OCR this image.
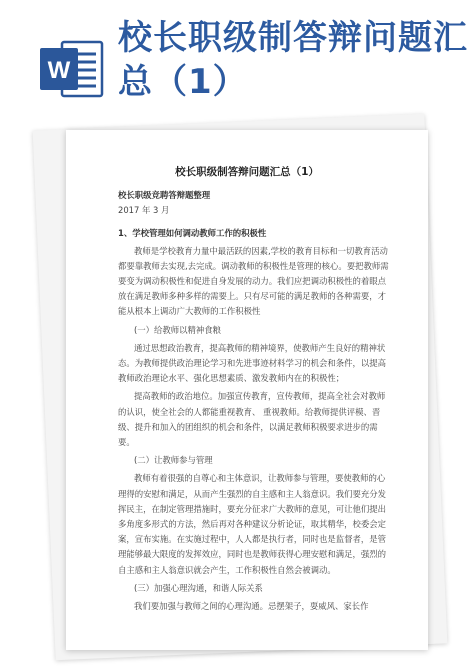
W
校长职级制答辩问题汇总（1）
校长职级制答辩问题汇总（1）

校长职级竞聘答辩题整理

2017 年 3 月

1、学校管理如何调动教师工作的积极性

教师是学校教育力量中最活跃的因素,学校的教育目标和一切教育活动都要靠教师去实现,去完成。调动教师的积极性是管理的核心。要把教师需要变为调动积极性和促进自身发展的动力。我们应把调动积极性的着眼点放在满足教师多种多样的需要上。只有尽可能的满足教师的各种需要，才能从根本上调动广大教师的工作积极性

(一）给教师以精神食粮

通过思想政治教育，提高教师的精神境界，使教师产生良好的精神状态。为教师提供政治理论学习和先进事迹材料学习的机会和条件，以提高教师政治理论水平、强化思想素质、激发教师内在的积极性；

提高教师的政治地位。加强宣传教育，宣传教师，提高全社会对教师的认识，使全社会的人都能重视教育、 重视教师。给教师提供评模、晋级、提升和加入的团组织的机会和条件，以满足教师积极要求进步的需要。

(二）让教师参与管理

教师有着很强的自尊心和主体意识，让教师参与管理，要使教师的心理得的安慰和满足，从而产生强烈的自主感和主人翁意识。我们要充分发挥民主，在制定管理措施时，要充分征求广大教师的意见，可让他们提出多角度多形式的方法，然后再对各种建议分析论证，取其精华，校委会定案，宣布实施。在实施过程中，人人都是执行者，同时也是监督者，是管理能够最大限度的发挥效应，同时也是教师获得心理安慰和满足，强烈的自主感和主人翁意识就会产生，工作积极性自然会被调动。

(三）加强心理沟通，和谐人际关系

我们要加强与教师之间的心理沟通。忌摆架子，耍威风、家长作
